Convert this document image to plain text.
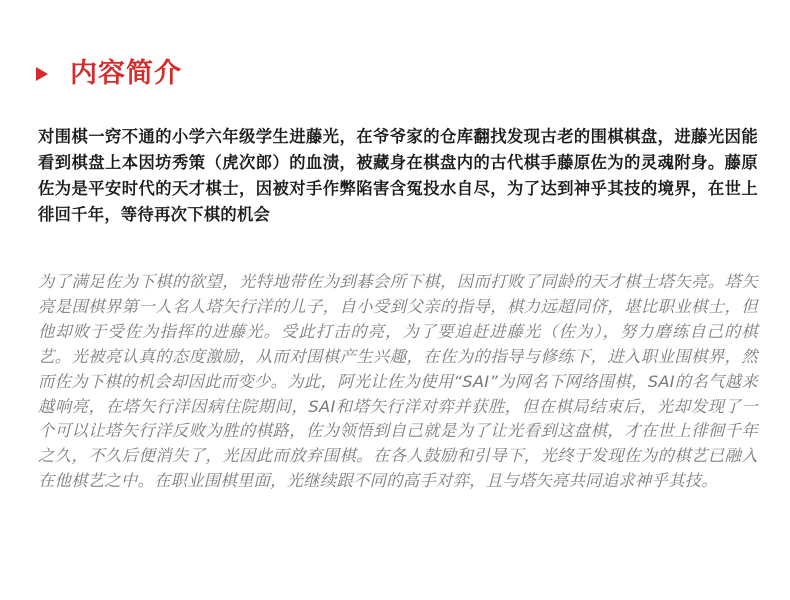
内容简介

对围棋一窍不通的小学六年级学生进藤光，在爷爷家的仓库翻找发现古老的围棋棋盘，进藤光因能看到棋盘上本因坊秀策（虎次郎）的血渍，被藏身在棋盘内的古代棋手藤原佐为的灵魂附身。藤原佐为是平安时代的天才棋士，因被对手作弊陷害含冤投水自尽，为了达到神乎其技的境界，在世上徘回千年，等待再次下棋的机会

为了满足佐为下棋的欲望，光特地带佐为到碁会所下棋，因而打败了同龄的天才棋士塔矢亮。塔矢亮是围棋界第一人名人塔矢行洋的儿子，自小受到父亲的指导，棋力远超同侪，堪比职业棋士，但他却败于受佐为指挥的进藤光。受此打击的亮，为了要追赶进藤光（佐为），努力磨练自己的棋艺。光被亮认真的态度激励，从而对围棋产生兴趣，在佐为的指导与修练下，进入职业围棋界，然而佐为下棋的机会却因此而变少。为此，阿光让佐为使用“SAI”为网名下网络围棋，SAI的名气越来越响亮，在塔矢行洋因病住院期间，SAI和塔矢行洋对弈并获胜，但在棋局结束后，光却发现了一个可以让塔矢行洋反败为胜的棋路，佐为领悟到自己就是为了让光看到这盘棋，才在世上徘徊千年之久，不久后便消失了，光因此而放弃围棋。在各人鼓励和引导下，光终于发现佐为的棋艺已融入在他棋艺之中。在职业围棋里面，光继续跟不同的高手对弈，且与塔矢亮共同追求神乎其技。
